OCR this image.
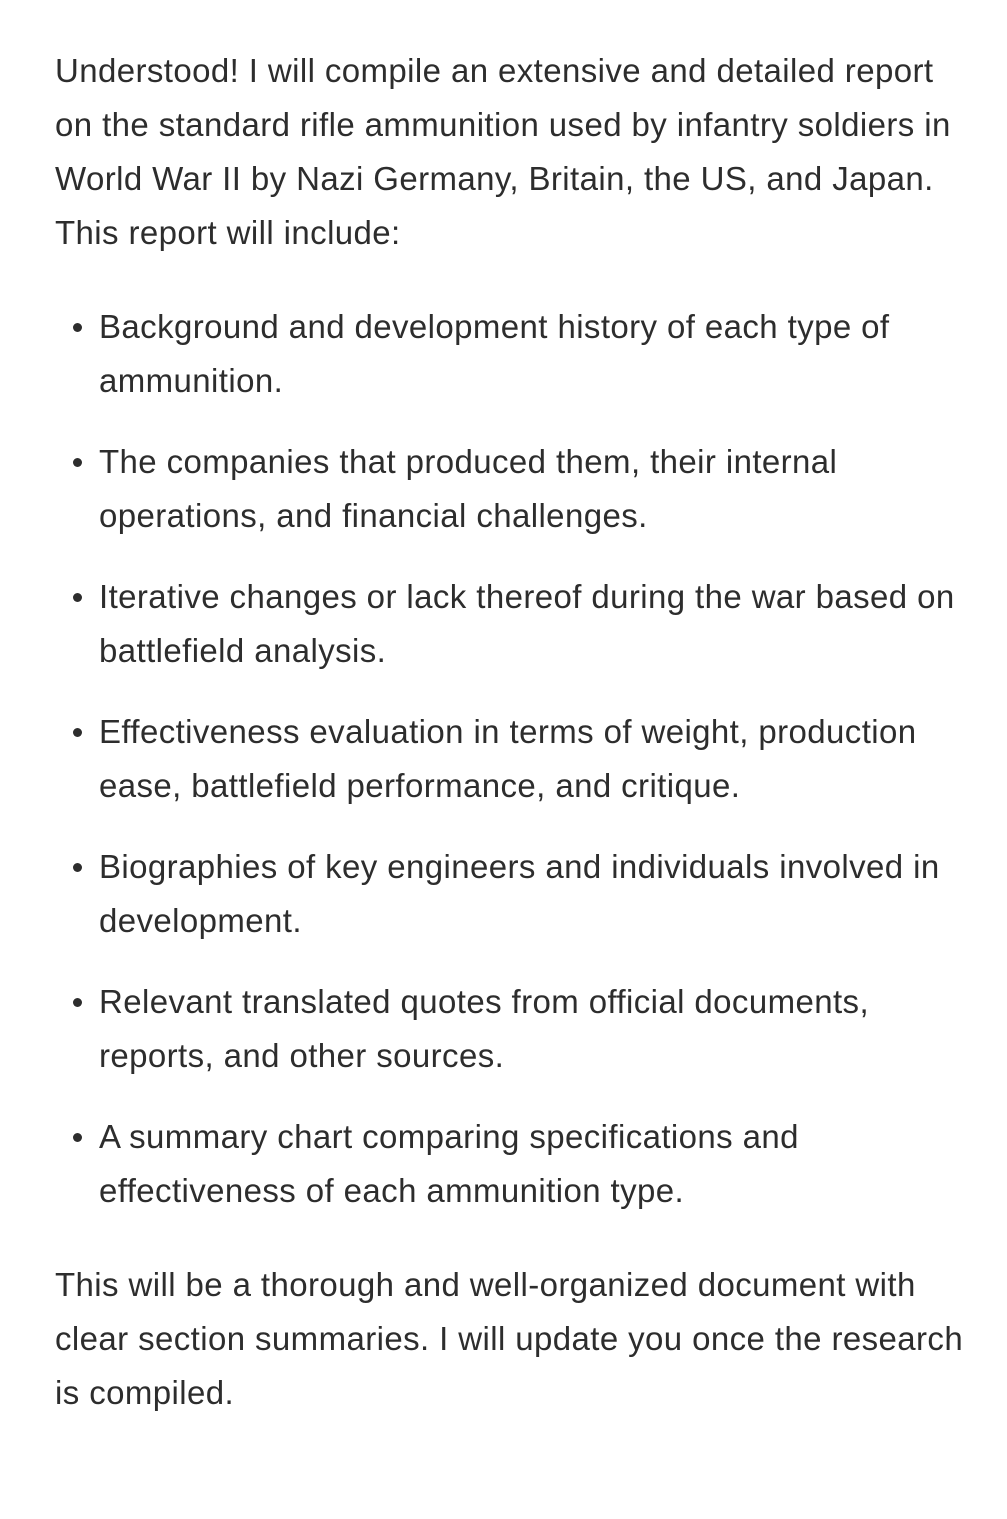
Understood! I will compile an extensive and detailed report on the standard rifle ammunition used by infantry soldiers in World War II by Nazi Germany, Britain, the US, and Japan. This report will include:

Background and development history of each type of ammunition.
The companies that produced them, their internal operations, and financial challenges.
Iterative changes or lack thereof during the war based on battlefield analysis.
Effectiveness evaluation in terms of weight, production ease, battlefield performance, and critique.
Biographies of key engineers and individuals involved in development.
Relevant translated quotes from official documents, reports, and other sources.
A summary chart comparing specifications and effectiveness of each ammunition type.

This will be a thorough and well-organized document with clear section summaries. I will update you once the research is compiled.
